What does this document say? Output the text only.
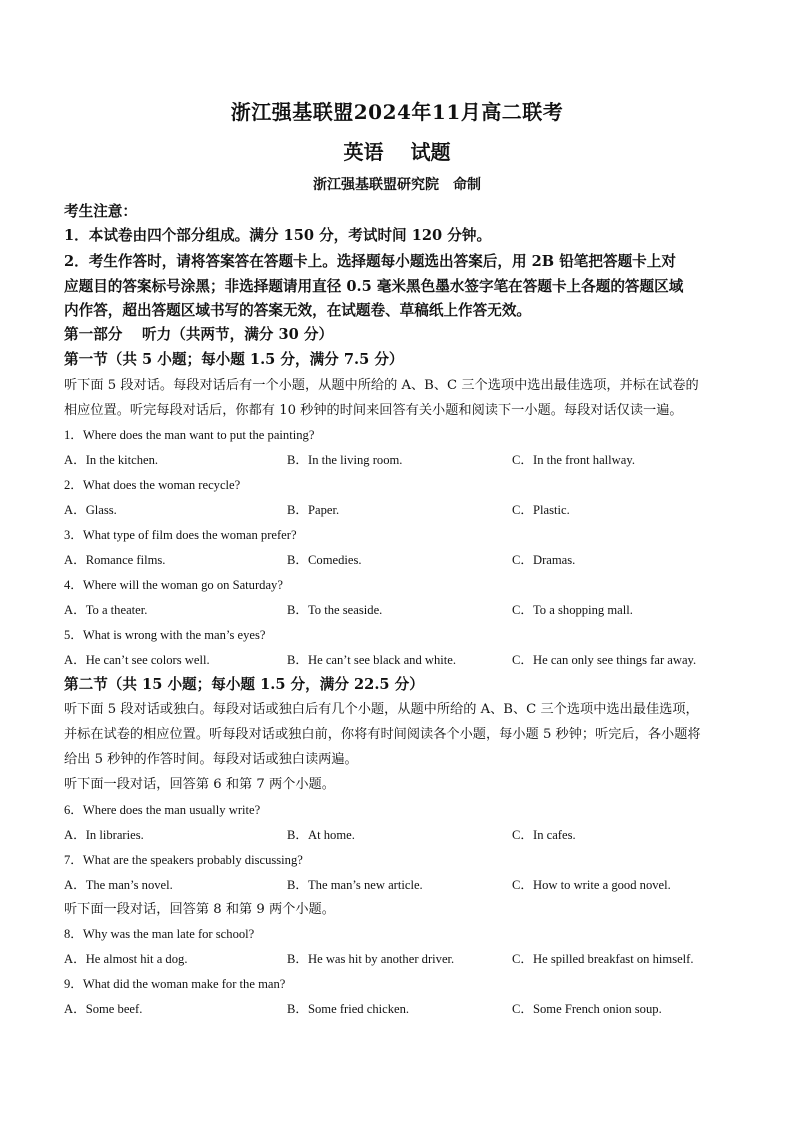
浙江强基联盟2024年11月高二联考
英语　 试题
浙江强基联盟研究院　命制
考生注意：
1．本试卷由四个部分组成。满分 150 分，考试时间 120 分钟。
2．考生作答时，请将答案答在答题卡上。选择题每小题选出答案后，用 2B 铅笔把答题卡上对
应题目的答案标号涂黑；非选择题请用直径 0.5 毫米黑色墨水签字笔在答题卡上各题的答题区域
内作答，超出答题区域书写的答案无效，在试题卷、草稿纸上作答无效。
第一部分　 听力（共两节，满分 30 分）
第一节（共 5 小题；每小题 1.5 分，满分 7.5 分）
听下面 5 段对话。每段对话后有一个小题，从题中所给的 A、B、C 三个选项中选出最佳选项，并标在试卷的
相应位置。听完每段对话后，你都有 10 秒钟的时间来回答有关小题和阅读下一小题。每段对话仅读一遍。
1．Where does the man want to put the painting?
A．In the kitchen.	B．In the living room.	C．In the front hallway.
2．What does the woman recycle?
A．Glass.	B．Paper.	C．Plastic.
3．What type of film does the woman prefer?
A．Romance films.	B．Comedies.	C．Dramas.
4．Where will the woman go on Saturday?
A．To a theater.	B．To the seaside.	C．To a shopping mall.
5．What is wrong with the man’s eyes?
A．He can’t see colors well.	B．He can’t see black and white.	C．He can only see things far away.
第二节（共 15 小题；每小题 1.5 分，满分 22.5 分）
听下面 5 段对话或独白。每段对话或独白后有几个小题，从题中所给的 A、B、C 三个选项中选出最佳选项，
并标在试卷的相应位置。听每段对话或独白前，你将有时间阅读各个小题，每小题 5 秒钟；听完后，各小题将
给出 5 秒钟的作答时间。每段对话或独白读两遍。
听下面一段对话，回答第 6 和第 7 两个小题。
6．Where does the man usually write?
A．In libraries.	B．At home.	C．In cafes.
7．What are the speakers probably discussing?
A．The man’s novel.	B．The man’s new article.	C．How to write a good novel.
听下面一段对话，回答第 8 和第 9 两个小题。
8．Why was the man late for school?
A．He almost hit a dog.	B．He was hit by another driver.	C．He spilled breakfast on himself.
9．What did the woman make for the man?
A．Some beef.	B．Some fried chicken.	C．Some French onion soup.
